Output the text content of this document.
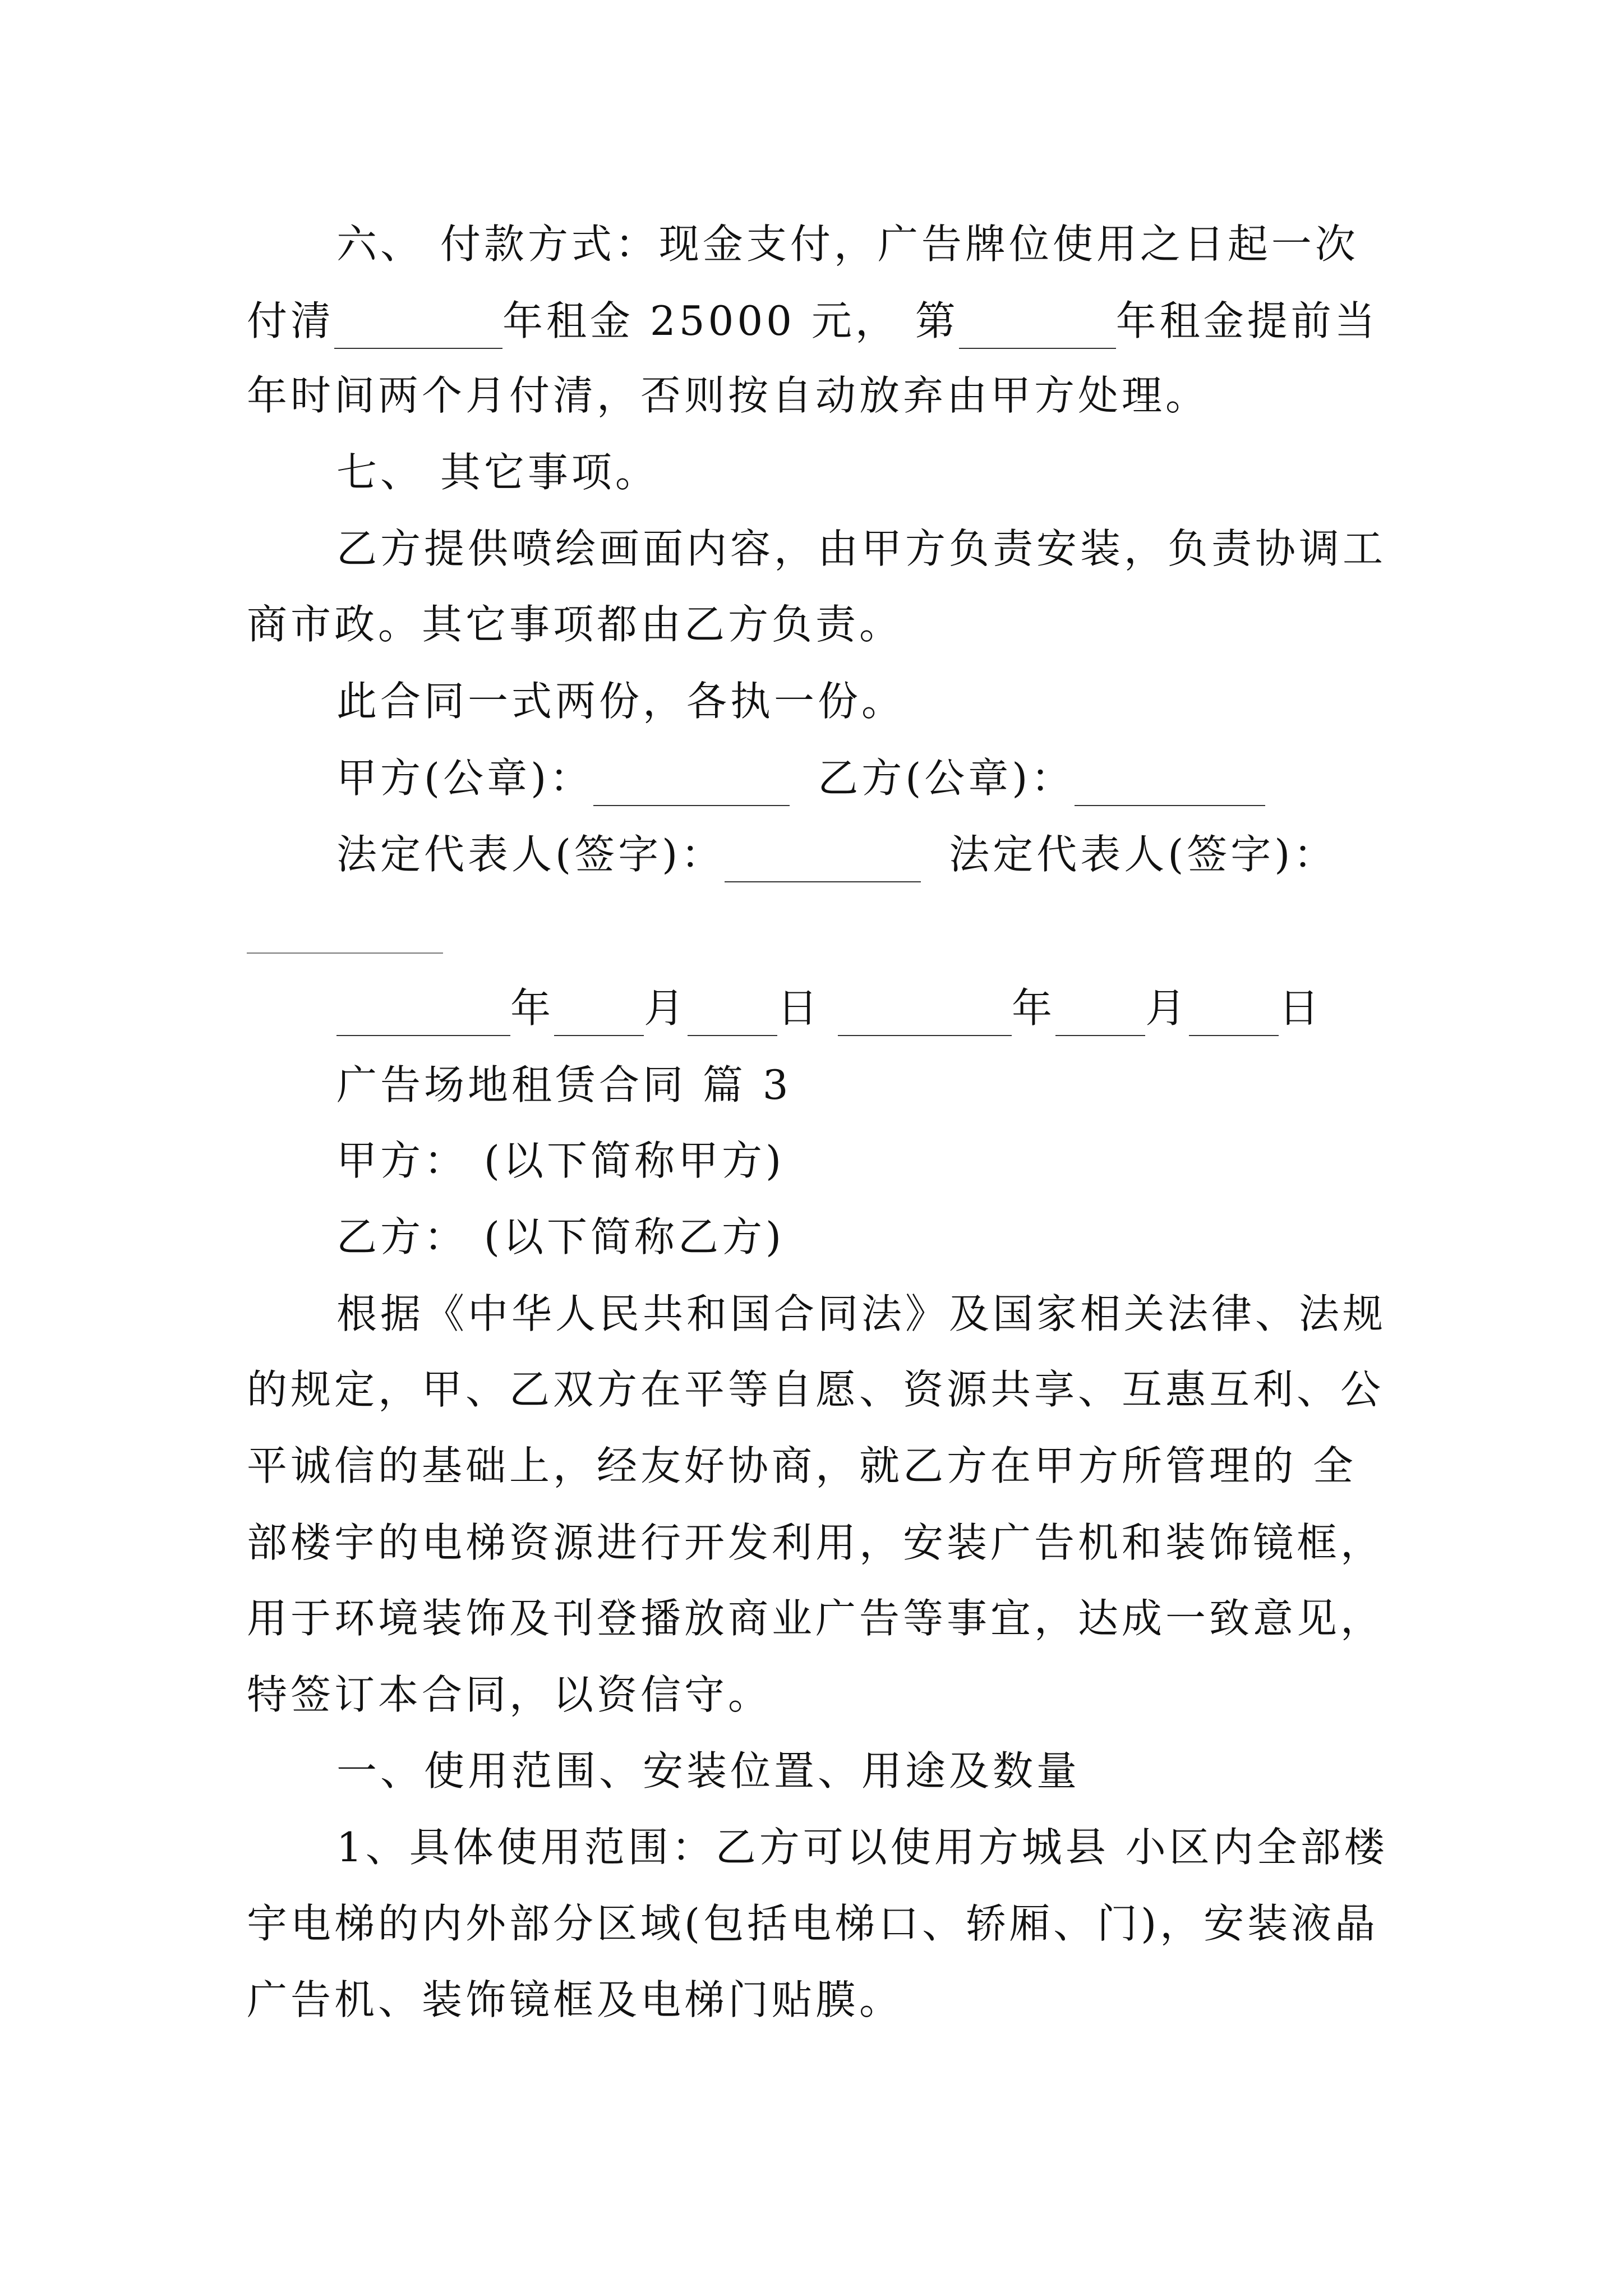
六、 付款方式：现金支付，广告牌位使用之日起一次
付清	年租金 25000 元， 第	年租金提前当
年时间两个月付清，否则按自动放弃由甲方处理。
七、 其它事项。
乙方提供喷绘画面内容，由甲方负责安装，负责协调工
商市政。其它事项都由乙方负责。
此合同一式两份，各执一份。
甲方(公章)：	乙方(公章)：
法定代表人(签字)：	法定代表人(签字)：
年 月 日	年 月 日
广告场地租赁合同 篇 3
甲方： (以下简称甲方)
乙方： (以下简称乙方)
根据《中华人民共和国合同法》及国家相关法律、法规
的规定，甲、乙双方在平等自愿、资源共享、互惠互利、公
平诚信的基础上，经友好协商，就乙方在甲方所管理的 全
部楼宇的电梯资源进行开发利用，安装广告机和装饰镜框，
用于环境装饰及刊登播放商业广告等事宜，达成一致意见，
特签订本合同，以资信守。
一、使用范围、安装位置、用途及数量
1、具体使用范围：乙方可以使用方城县 小区内全部楼
宇电梯的内外部分区域(包括电梯口、轿厢、门)，安装液晶
广告机、装饰镜框及电梯门贴膜。
